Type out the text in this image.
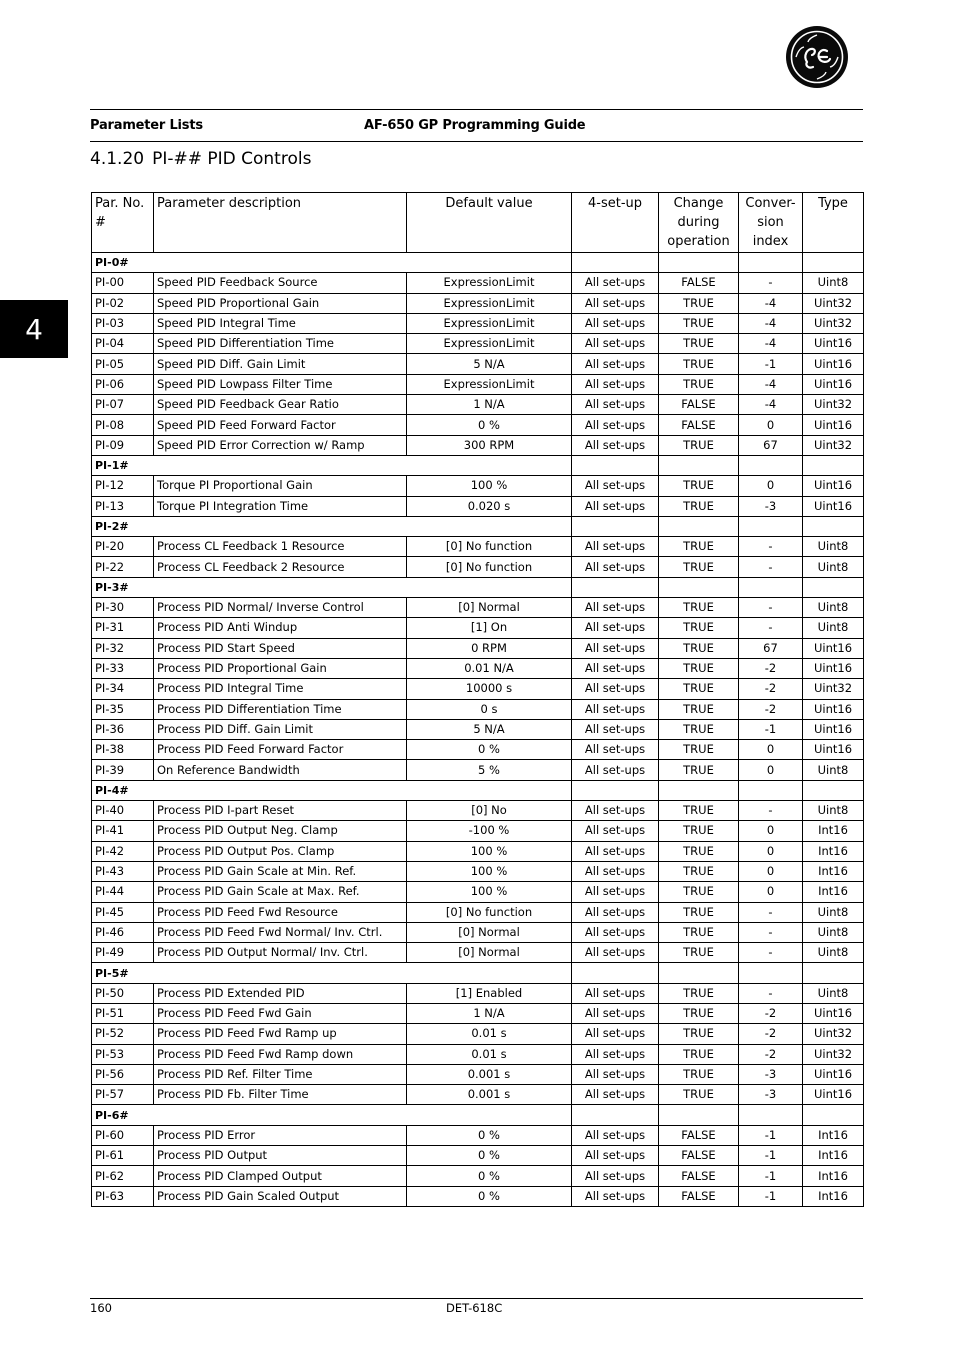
Parameter Lists	AF-650 GP Programming Guide
4.1.20 PI-## PID Controls
4
Par. No. #	Parameter description	Default value	4-set-up	Change during operation	Conver-sion index	Type
PI-0#						
PI-00	Speed PID Feedback Source	ExpressionLimit	All set-ups	FALSE	-	Uint8
PI-02	Speed PID Proportional Gain	ExpressionLimit	All set-ups	TRUE	-4	Uint32
PI-03	Speed PID Integral Time	ExpressionLimit	All set-ups	TRUE	-4	Uint32
PI-04	Speed PID Differentiation Time	ExpressionLimit	All set-ups	TRUE	-4	Uint16
PI-05	Speed PID Diff. Gain Limit	5 N/A	All set-ups	TRUE	-1	Uint16
PI-06	Speed PID Lowpass Filter Time	ExpressionLimit	All set-ups	TRUE	-4	Uint16
PI-07	Speed PID Feedback Gear Ratio	1 N/A	All set-ups	FALSE	-4	Uint32
PI-08	Speed PID Feed Forward Factor	0 %	All set-ups	FALSE	0	Uint16
PI-09	Speed PID Error Correction w/ Ramp	300 RPM	All set-ups	TRUE	67	Uint32
PI-1#						
PI-12	Torque PI Proportional Gain	100 %	All set-ups	TRUE	0	Uint16
PI-13	Torque PI Integration Time	0.020 s	All set-ups	TRUE	-3	Uint16
PI-2#						
PI-20	Process CL Feedback 1 Resource	[0] No function	All set-ups	TRUE	-	Uint8
PI-22	Process CL Feedback 2 Resource	[0] No function	All set-ups	TRUE	-	Uint8
PI-3#						
PI-30	Process PID Normal/ Inverse Control	[0] Normal	All set-ups	TRUE	-	Uint8
PI-31	Process PID Anti Windup	[1] On	All set-ups	TRUE	-	Uint8
PI-32	Process PID Start Speed	0 RPM	All set-ups	TRUE	67	Uint16
PI-33	Process PID Proportional Gain	0.01 N/A	All set-ups	TRUE	-2	Uint16
PI-34	Process PID Integral Time	10000 s	All set-ups	TRUE	-2	Uint32
PI-35	Process PID Differentiation Time	0 s	All set-ups	TRUE	-2	Uint16
PI-36	Process PID Diff. Gain Limit	5 N/A	All set-ups	TRUE	-1	Uint16
PI-38	Process PID Feed Forward Factor	0 %	All set-ups	TRUE	0	Uint16
PI-39	On Reference Bandwidth	5 %	All set-ups	TRUE	0	Uint8
PI-4#						
PI-40	Process PID I-part Reset	[0] No	All set-ups	TRUE	-	Uint8
PI-41	Process PID Output Neg. Clamp	-100 %	All set-ups	TRUE	0	Int16
PI-42	Process PID Output Pos. Clamp	100 %	All set-ups	TRUE	0	Int16
PI-43	Process PID Gain Scale at Min. Ref.	100 %	All set-ups	TRUE	0	Int16
PI-44	Process PID Gain Scale at Max. Ref.	100 %	All set-ups	TRUE	0	Int16
PI-45	Process PID Feed Fwd Resource	[0] No function	All set-ups	TRUE	-	Uint8
PI-46	Process PID Feed Fwd Normal/ Inv. Ctrl.	[0] Normal	All set-ups	TRUE	-	Uint8
PI-49	Process PID Output Normal/ Inv. Ctrl.	[0] Normal	All set-ups	TRUE	-	Uint8
PI-5#						
PI-50	Process PID Extended PID	[1] Enabled	All set-ups	TRUE	-	Uint8
PI-51	Process PID Feed Fwd Gain	1 N/A	All set-ups	TRUE	-2	Uint16
PI-52	Process PID Feed Fwd Ramp up	0.01 s	All set-ups	TRUE	-2	Uint32
PI-53	Process PID Feed Fwd Ramp down	0.01 s	All set-ups	TRUE	-2	Uint32
PI-56	Process PID Ref. Filter Time	0.001 s	All set-ups	TRUE	-3	Uint16
PI-57	Process PID Fb. Filter Time	0.001 s	All set-ups	TRUE	-3	Uint16
PI-6#						
PI-60	Process PID Error	0 %	All set-ups	FALSE	-1	Int16
PI-61	Process PID Output	0 %	All set-ups	FALSE	-1	Int16
PI-62	Process PID Clamped Output	0 %	All set-ups	FALSE	-1	Int16
PI-63	Process PID Gain Scaled Output	0 %	All set-ups	FALSE	-1	Int16
160	DET-618C
